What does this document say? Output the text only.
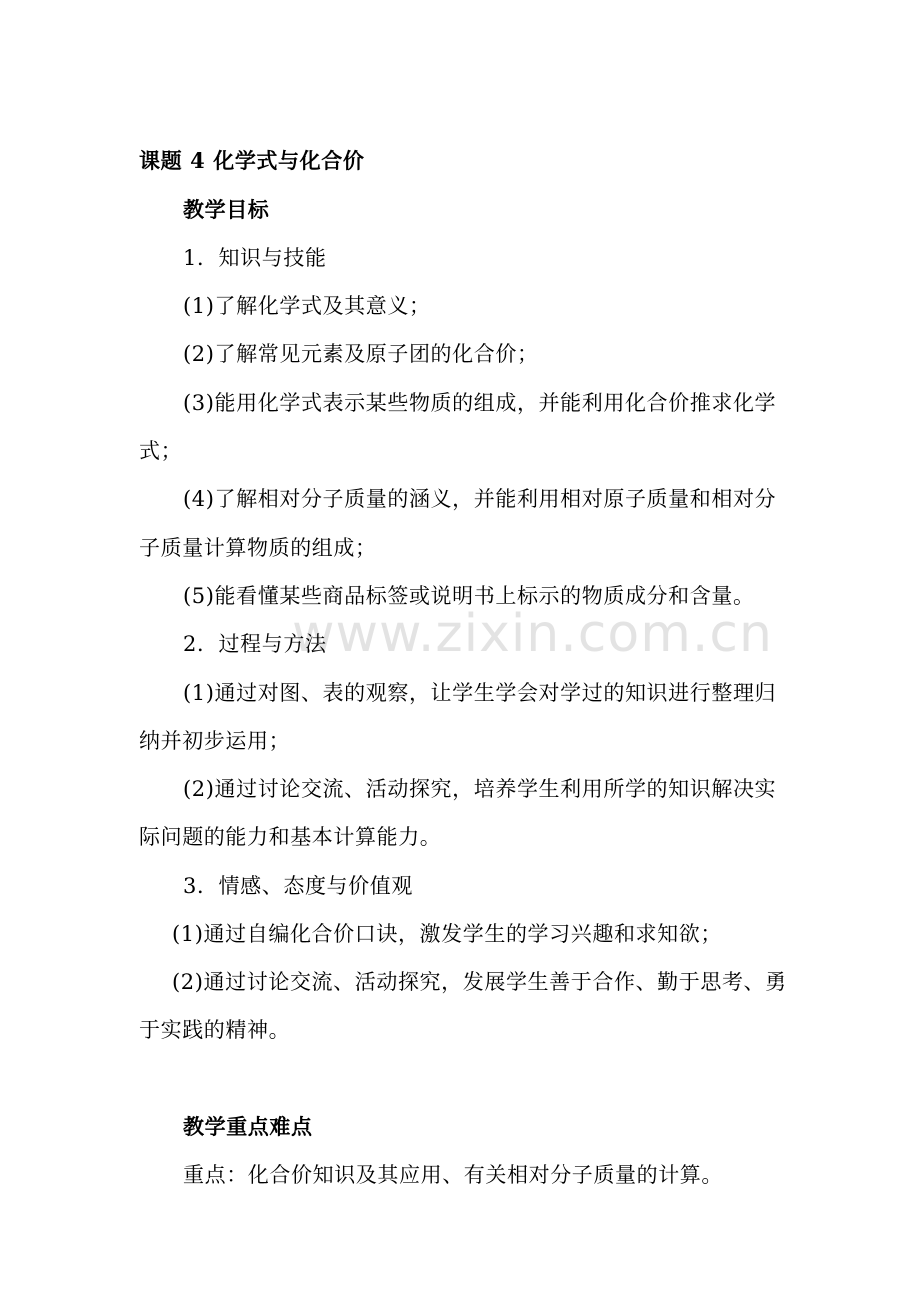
www.zixin.com.cn
课题 4 化学式与化合价
教学目标
1．知识与技能
(1)了解化学式及其意义；
(2)了解常见元素及原子团的化合价；
(3)能用化学式表示某些物质的组成，并能利用化合价推求化学
式；
(4)了解相对分子质量的涵义，并能利用相对原子质量和相对分
子质量计算物质的组成；
(5)能看懂某些商品标签或说明书上标示的物质成分和含量。
2．过程与方法
(1)通过对图、表的观察，让学生学会对学过的知识进行整理归
纳并初步运用；
(2)通过讨论交流、活动探究，培养学生利用所学的知识解决实
际问题的能力和基本计算能力。
3．情感、态度与价值观
(1)通过自编化合价口诀，激发学生的学习兴趣和求知欲；
(2)通过讨论交流、活动探究，发展学生善于合作、勤于思考、勇
于实践的精神。
教学重点难点
重点：化合价知识及其应用、有关相对分子质量的计算。
